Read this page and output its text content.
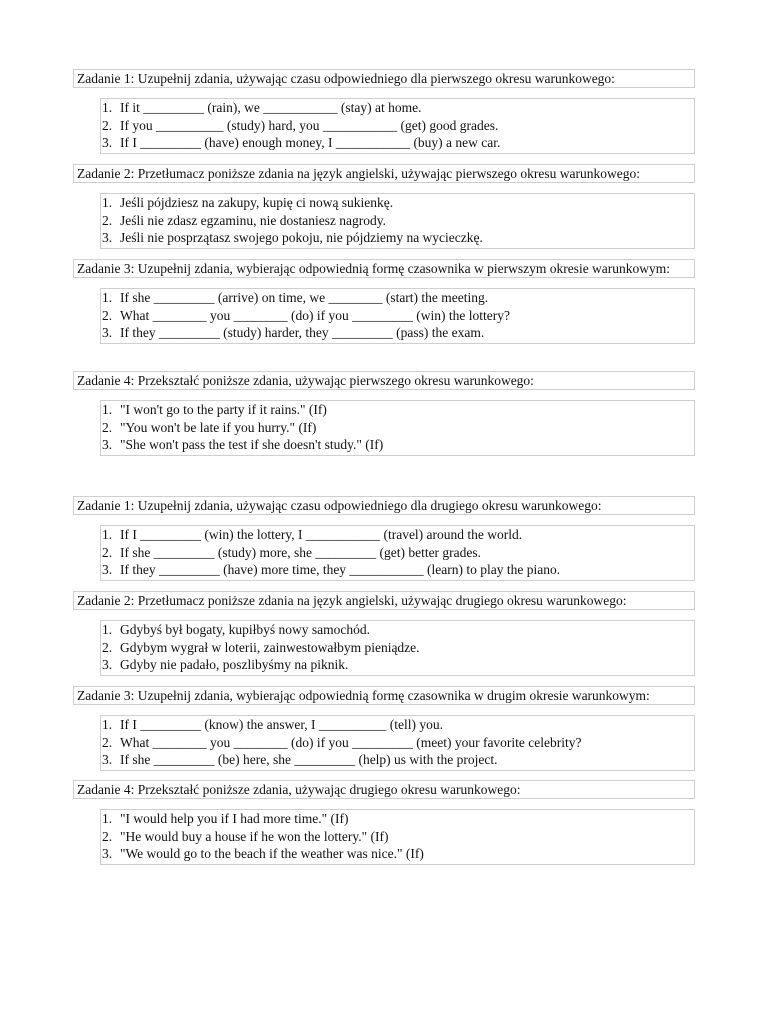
Zadanie 1: Uzupełnij zdania, używając czasu odpowiedniego dla pierwszego okresu warunkowego:
1. If it _________ (rain), we ___________ (stay) at home.
2. If you __________ (study) hard, you ___________ (get) good grades.
3. If I _________ (have) enough money, I ___________ (buy) a new car.
Zadanie 2: Przetłumacz poniższe zdania na język angielski, używając pierwszego okresu warunkowego:
1. Jeśli pójdziesz na zakupy, kupię ci nową sukienkę.
2. Jeśli nie zdasz egzaminu, nie dostaniesz nagrody.
3. Jeśli nie posprzątasz swojego pokoju, nie pójdziemy na wycieczkę.
Zadanie 3: Uzupełnij zdania, wybierając odpowiednią formę czasownika w pierwszym okresie warunkowym:
1. If she _________ (arrive) on time, we ________ (start) the meeting.
2. What ________ you ________ (do) if you _________ (win) the lottery?
3. If they _________ (study) harder, they _________ (pass) the exam.
Zadanie 4: Przekształć poniższe zdania, używając pierwszego okresu warunkowego:
1. "I won't go to the party if it rains." (If)
2. "You won't be late if you hurry." (If)
3. "She won't pass the test if she doesn't study." (If)
Zadanie 1: Uzupełnij zdania, używając czasu odpowiedniego dla drugiego okresu warunkowego:
1. If I _________ (win) the lottery, I ___________ (travel) around the world.
2. If she _________ (study) more, she _________ (get) better grades.
3. If they _________ (have) more time, they ___________ (learn) to play the piano.
Zadanie 2: Przetłumacz poniższe zdania na język angielski, używając drugiego okresu warunkowego:
1. Gdybyś był bogaty, kupiłbyś nowy samochód.
2. Gdybym wygrał w loterii, zainwestowałbym pieniądze.
3. Gdyby nie padało, poszlibyśmy na piknik.
Zadanie 3: Uzupełnij zdania, wybierając odpowiednią formę czasownika w drugim okresie warunkowym:
1. If I _________ (know) the answer, I __________ (tell) you.
2. What ________ you ________ (do) if you _________ (meet) your favorite celebrity?
3. If she _________ (be) here, she _________ (help) us with the project.
Zadanie 4: Przekształć poniższe zdania, używając drugiego okresu warunkowego:
1. "I would help you if I had more time." (If)
2. "He would buy a house if he won the lottery." (If)
3. "We would go to the beach if the weather was nice." (If)
